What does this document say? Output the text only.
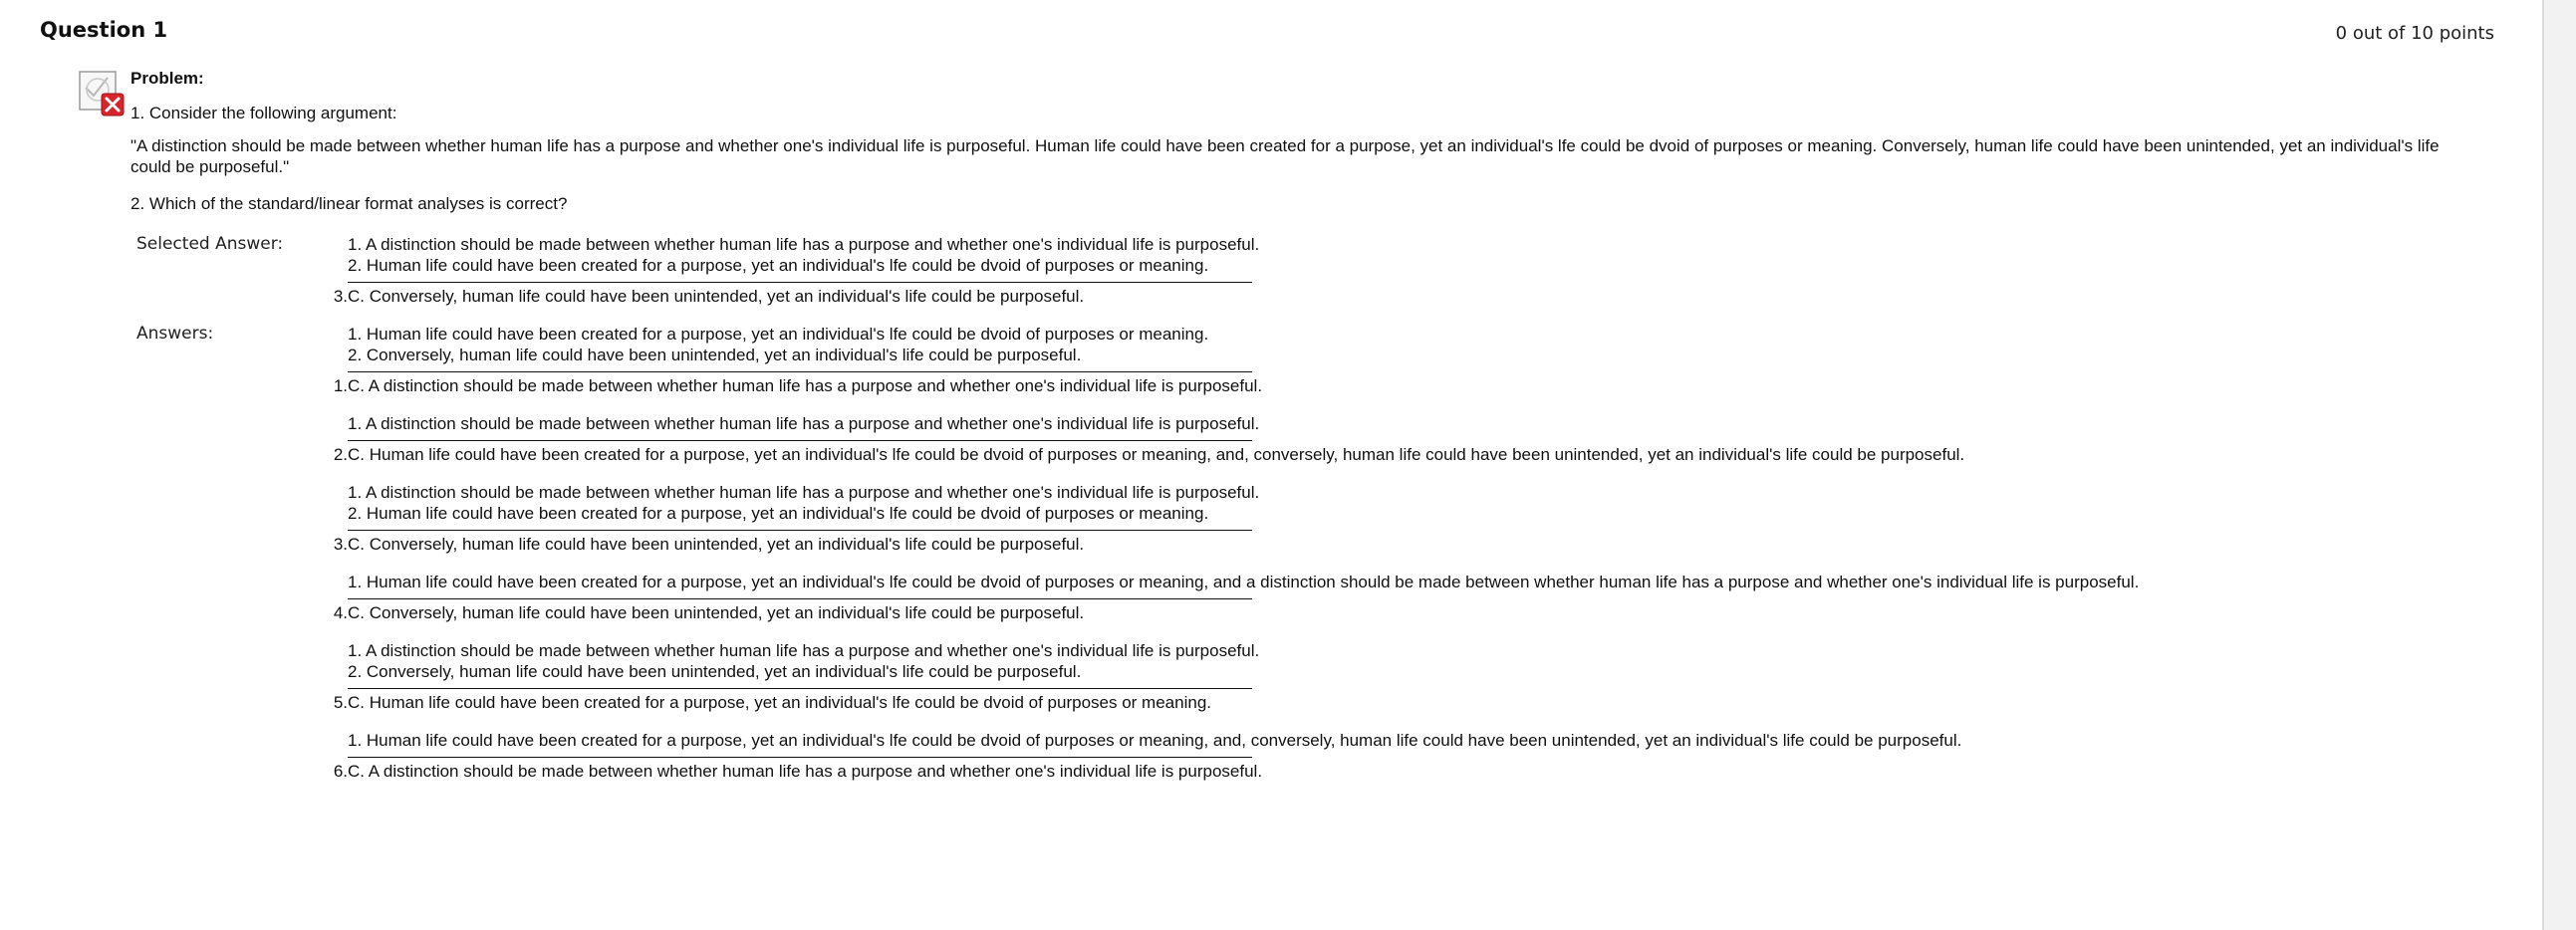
Question 1	0 out of 10 points
Problem:
1. Consider the following argument:
"A distinction should be made between whether human life has a purpose and whether one's individual life is purposeful. Human life could have been created for a purpose, yet an individual's lfe could be dvoid of purposes or meaning. Conversely, human life could have been unintended, yet an individual's life could be purposeful."
2. Which of the standard/linear format analyses is correct?
Selected Answer:
3.
1. A distinction should be made between whether human life has a purpose and whether one's individual life is purposeful.
2. Human life could have been created for a purpose, yet an individual's lfe could be dvoid of purposes or meaning.
C. Conversely, human life could have been unintended, yet an individual's life could be purposeful.
Answers:
1.
1. Human life could have been created for a purpose, yet an individual's lfe could be dvoid of purposes or meaning.
2. Conversely, human life could have been unintended, yet an individual's life could be purposeful.
C. A distinction should be made between whether human life has a purpose and whether one's individual life is purposeful.
2.
1. A distinction should be made between whether human life has a purpose and whether one's individual life is purposeful.
C. Human life could have been created for a purpose, yet an individual's lfe could be dvoid of purposes or meaning, and, conversely, human life could have been unintended, yet an individual's life could be purposeful.
3.
1. A distinction should be made between whether human life has a purpose and whether one's individual life is purposeful.
2. Human life could have been created for a purpose, yet an individual's lfe could be dvoid of purposes or meaning.
C. Conversely, human life could have been unintended, yet an individual's life could be purposeful.
4.
1. Human life could have been created for a purpose, yet an individual's lfe could be dvoid of purposes or meaning, and a distinction should be made between whether human life has a purpose and whether one's individual life is purposeful.
C. Conversely, human life could have been unintended, yet an individual's life could be purposeful.
5.
1. A distinction should be made between whether human life has a purpose and whether one's individual life is purposeful.
2. Conversely, human life could have been unintended, yet an individual's life could be purposeful.
C. Human life could have been created for a purpose, yet an individual's lfe could be dvoid of purposes or meaning.
6.
1. Human life could have been created for a purpose, yet an individual's lfe could be dvoid of purposes or meaning, and, conversely, human life could have been unintended, yet an individual's life could be purposeful.
C. A distinction should be made between whether human life has a purpose and whether one's individual life is purposeful.
